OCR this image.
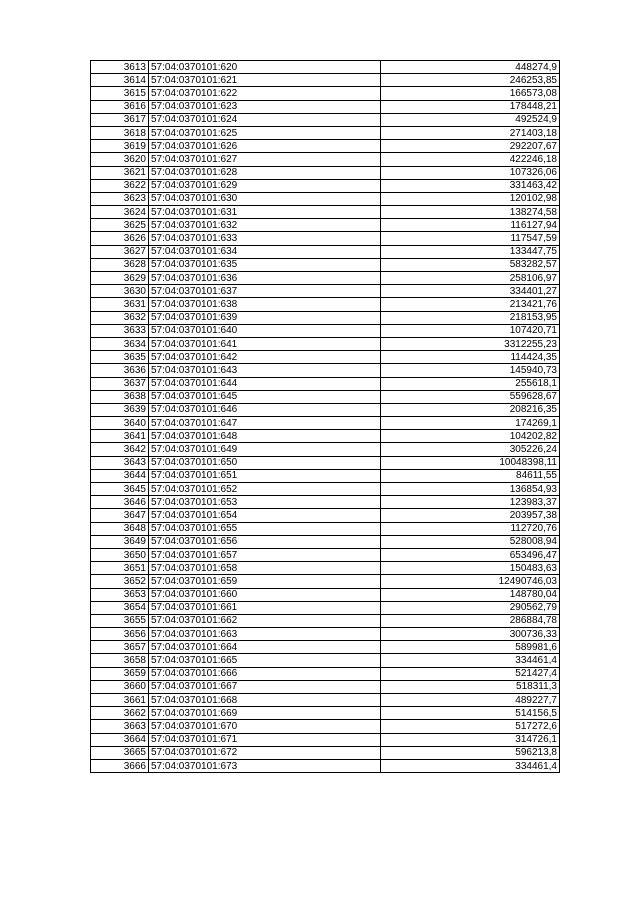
3613	57:04:0370101:620	448274,9
3614	57:04:0370101:621	246253,85
3615	57:04:0370101:622	166573,08
3616	57:04:0370101:623	178448,21
3617	57:04:0370101:624	492524,9
3618	57:04:0370101:625	271403,18
3619	57:04:0370101:626	292207,67
3620	57:04:0370101:627	422246,18
3621	57:04:0370101:628	107326,06
3622	57:04:0370101:629	331463,42
3623	57:04:0370101:630	120102,98
3624	57:04:0370101:631	138274,58
3625	57:04:0370101:632	116127,94
3626	57:04:0370101:633	117547,59
3627	57:04:0370101:634	133447,75
3628	57:04:0370101:635	583282,57
3629	57:04:0370101:636	258106,97
3630	57:04:0370101:637	334401,27
3631	57:04:0370101:638	213421,76
3632	57:04:0370101:639	218153,95
3633	57:04:0370101:640	107420,71
3634	57:04:0370101:641	3312255,23
3635	57:04:0370101:642	114424,35
3636	57:04:0370101:643	145940,73
3637	57:04:0370101:644	255618,1
3638	57:04:0370101:645	559628,67
3639	57:04:0370101:646	208216,35
3640	57:04:0370101:647	174269,1
3641	57:04:0370101:648	104202,82
3642	57:04:0370101:649	305226,24
3643	57:04:0370101:650	10048398,11
3644	57:04:0370101:651	84611,55
3645	57:04:0370101:652	136854,93
3646	57:04:0370101:653	123983,37
3647	57:04:0370101:654	203957,38
3648	57:04:0370101:655	112720,76
3649	57:04:0370101:656	528008,94
3650	57:04:0370101:657	653496,47
3651	57:04:0370101:658	150483,63
3652	57:04:0370101:659	12490746,03
3653	57:04:0370101:660	148780,04
3654	57:04:0370101:661	290562,79
3655	57:04:0370101:662	286884,78
3656	57:04:0370101:663	300736,33
3657	57:04:0370101:664	589981,6
3658	57:04:0370101:665	334461,4
3659	57:04:0370101:666	521427,4
3660	57:04:0370101:667	518311,3
3661	57:04:0370101:668	489227,7
3662	57:04:0370101:669	514156,5
3663	57:04:0370101:670	517272,6
3664	57:04:0370101:671	314726,1
3665	57:04:0370101:672	596213,8
3666	57:04:0370101:673	334461,4
